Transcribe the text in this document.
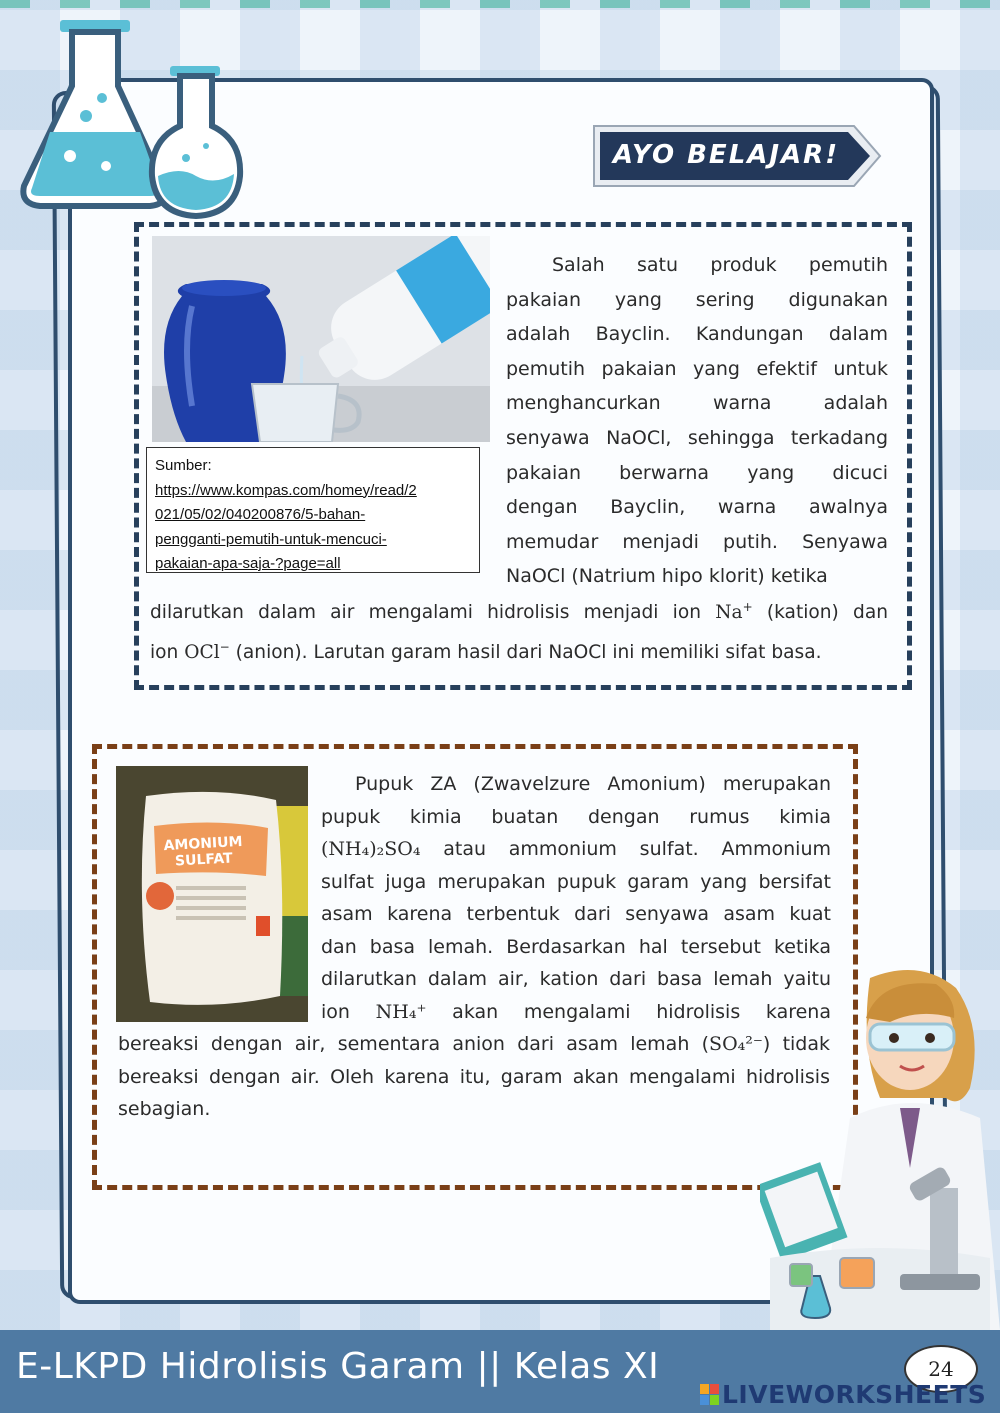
AYO BELAJAR!
Sumber:
https://www.kompas.com/homey/read/2
021/05/02/040200876/5-bahan-
pengganti-pemutih-untuk-mencuci-
pakaian-apa-saja-?page=all
Salah satu produk pemutih
pakaian yang sering digunakan
adalah Bayclin. Kandungan dalam
pemutih pakaian yang efektif untuk
menghancurkan warna adalah
senyawa NaOCl, sehingga terkadang
pakaian berwarna yang dicuci
dengan Bayclin, warna awalnya
memudar menjadi putih. Senyawa
NaOCl (Natrium hipo klorit) ketika
dilarutkan dalam air mengalami hidrolisis menjadi ion Na+ (kation) dan
ion OCl− (anion). Larutan garam hasil dari NaOCl ini memiliki sifat basa.
AMONIUM
SULFAT
Pupuk ZA (Zwavelzure Amonium) merupakan
pupuk kimia buatan dengan rumus kimia
(NH₄)₂SO₄ atau ammonium sulfat. Ammonium
sulfat juga merupakan pupuk garam yang bersifat
asam karena terbentuk dari senyawa asam kuat
dan basa lemah. Berdasarkan hal tersebut ketika
dilarutkan dalam air, kation dari basa lemah yaitu
ion NH₄⁺ akan mengalami hidrolisis karena
bereaksi dengan air, sementara anion dari asam lemah (SO₄²⁻) tidak
bereaksi dengan air. Oleh karena itu, garam akan mengalami hidrolisis
sebagian.
E-LKPD Hidrolisis Garam || Kelas XI	24
LIVEWORKSHEETS
